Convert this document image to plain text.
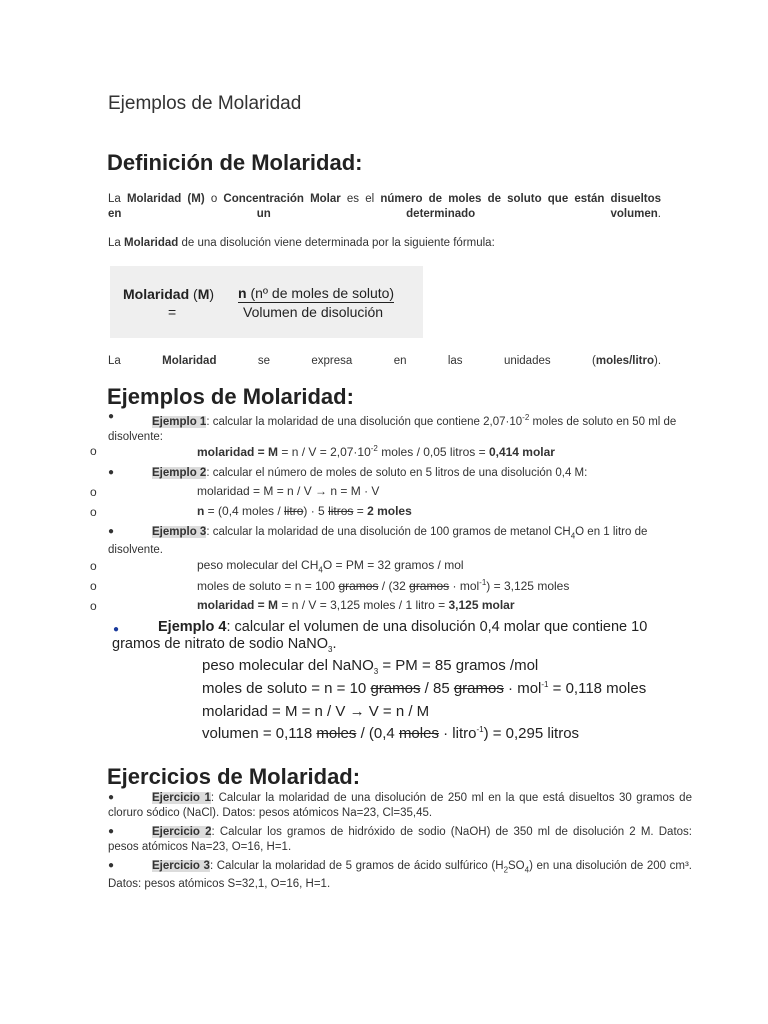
Ejemplos de Molaridad
Definición de Molaridad:
La Molaridad (M) o Concentración Molar es el número de moles de soluto que están disueltos en un determinado volumen.
La Molaridad de una disolución viene determinada por la siguiente fórmula:
Molaridad (M)
=
n (nº de moles de soluto)
Volumen de disolución
La	Molaridad	se	expresa	en	las	unidades	(moles/litro).
Ejemplos de Molaridad:
●	Ejemplo 1: calcular la molaridad de una disolución que contiene $2,07\cdot 10^{-2}$ moles de soluto en 50 ml de disolvente:
o	molaridad = $M = n / V = 2,07\cdot 10^{-2}$ moles / 0,05 litros = 0,414 molar
●	Ejemplo 2: calcular el número de moles de soluto en 5 litros de una disolución 0,4 M:
o	molaridad = M = n / V → n = M · V
o	n = (0,4 moles / litro) · 5 litros = 2 moles
●	Ejemplo 3: calcular la molaridad de una disolución de 100 gramos de metanol $CH_4O$ en 1 litro de disolvente.
o	peso molecular del $CH_4O$ = PM = 32 gramos / mol
o	moles de soluto = n = 100 gramos / (32 gramos · mol$^{-1}$) = 3,125 moles
o	molaridad = M = n / V = 3,125 moles / 1 litro = 3,125 molar
●	Ejemplo 4: calcular el volumen de una disolución 0,4 molar que contiene 10 gramos de nitrato de sodio NaNO$_3$.
peso molecular del NaNO$_3$ = PM = 85 gramos /mol
moles de soluto = n = 10 gramos / 85 gramos · mol$^{-1}$ = 0,118 moles
molaridad = M = n / V → V = n / M
volumen = 0,118 moles / (0,4 moles · litro$^{-1}$) = 0,295 litros
Ejercicios de Molaridad:
●	Ejercicio 1: Calcular la molaridad de una disolución de 250 ml en la que está disueltos 30 gramos de cloruro sódico (NaCl). Datos: pesos atómicos Na=23, Cl=35,45.
●	Ejercicio 2: Calcular los gramos de hidróxido de sodio (NaOH) de 350 ml de disolución 2 M. Datos: pesos atómicos Na=23, O=16, H=1.
●	Ejercicio 3: Calcular la molaridad de 5 gramos de ácido sulfúrico $(H_2SO_4)$ en una disolución de 200 cm³. Datos: pesos atómicos S=32,1, O=16, H=1.
